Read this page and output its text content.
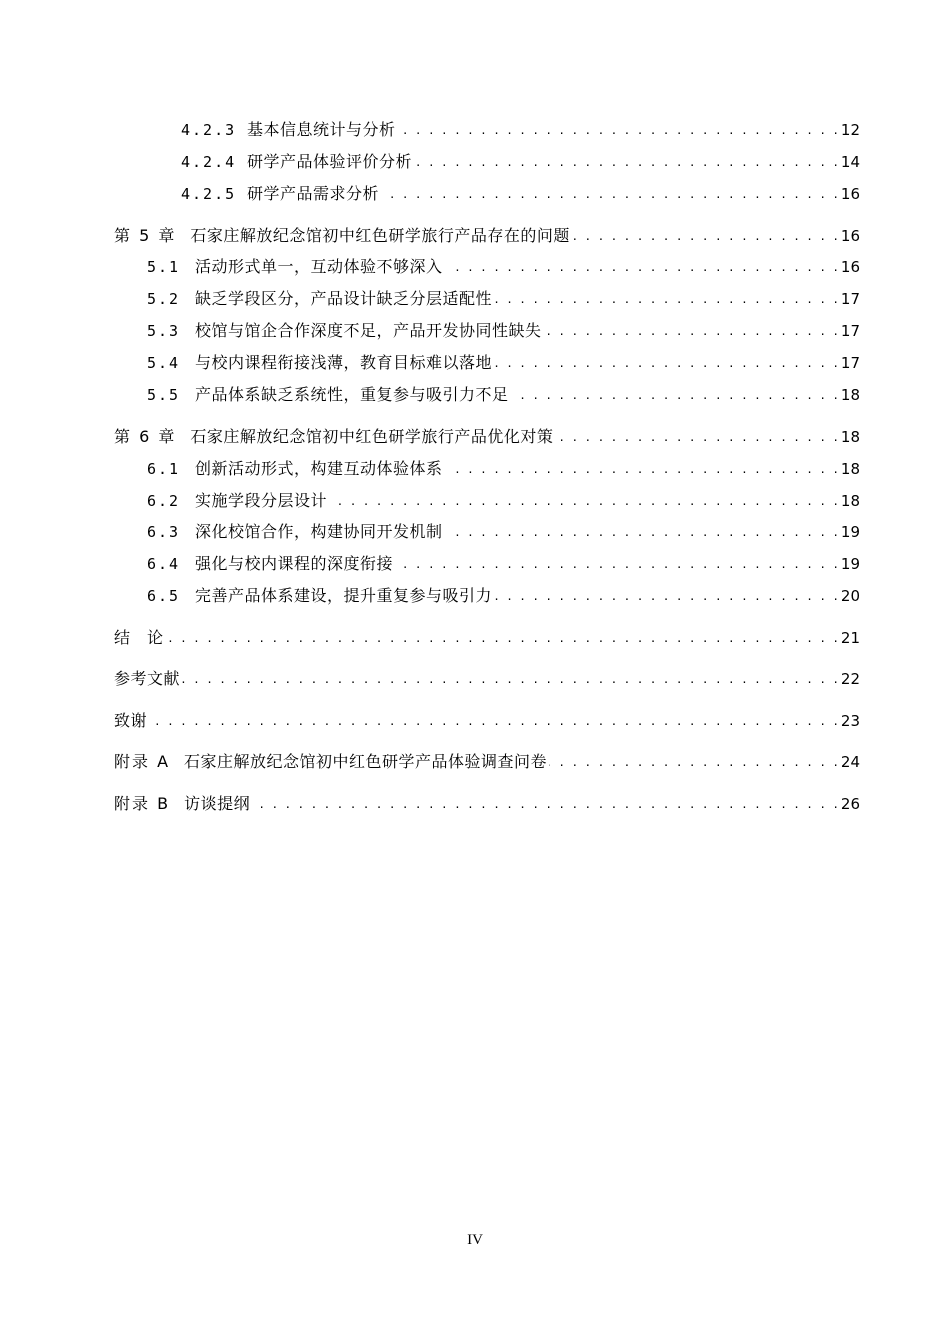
4.2.3 基本信息统计与分析 . . .	12
4.2.4 研学产品体验评价分析 . . .	14
4.2.5 研学产品需求分析 . . .	16
第 5 章 石家庄解放纪念馆初中红色研学旅行产品存在的问题 . . .	16
5.1 活动形式单一，互动体验不够深入 . . .	16
5.2 缺乏学段区分，产品设计缺乏分层适配性 . . .	17
5.3 校馆与馆企合作深度不足，产品开发协同性缺失 . . .	17
5.4 与校内课程衔接浅薄，教育目标难以落地 . . .	17
5.5 产品体系缺乏系统性，重复参与吸引力不足 . . .	18
第 6 章 石家庄解放纪念馆初中红色研学旅行产品优化对策 . . .	18
6.1 创新活动形式，构建互动体验体系 . . .	18
6.2 实施学段分层设计 . . .	18
6.3 深化校馆合作，构建协同开发机制 . . .	19
6.4 强化与校内课程的深度衔接 . . .	19
6.5 完善产品体系建设，提升重复参与吸引力 . . .	20
结　论 . . .	21
参考文献 . . .	22
致谢 . . .	23
附录 A 石家庄解放纪念馆初中红色研学产品体验调查问卷 . . .	24
附录 B 访谈提纲 . . .	26
IV
